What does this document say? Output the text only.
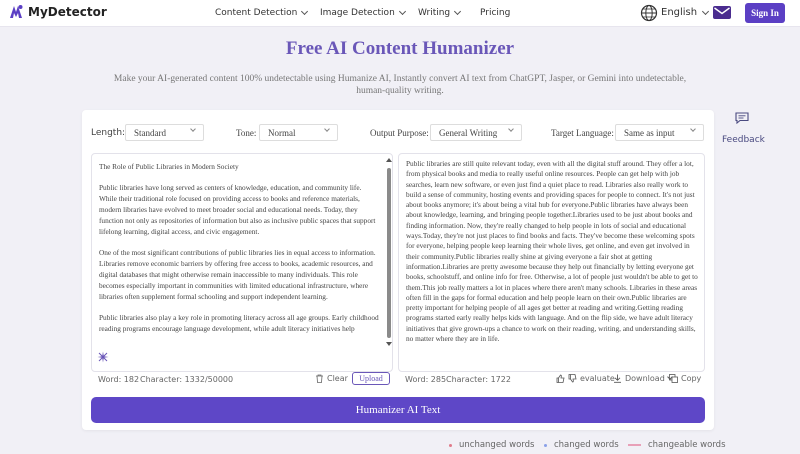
MyDetector	Content Detection	Image Detection	Writing	Pricing	English	Sign In
Free AI Content Humanizer
Make your AI-generated content 100% undetectable using Humanize AI, Instantly convert AI text from ChatGPT, Jasper, or Gemini into undetectable, human-quality writing.
Feedback
Length: Standard	Tone:	Normal	Output Purpose:	General Writing	Target Language:	Same as input

The Role of Public Libraries in Modern Society

Public libraries have long served as centers of knowledge, education, and community life. While their traditional role focused on providing access to books and reference materials, modern libraries have evolved to meet broader social and educational needs. Today, they function not only as repositories of information but also as inclusive public spaces that support lifelong learning, digital access, and civic engagement.

One of the most significant contributions of public libraries lies in equal access to information. Libraries remove economic barriers by offering free access to books, academic resources, and digital databases that might otherwise remain inaccessible to many individuals. This role becomes especially important in communities with limited educational infrastructure, where libraries often supplement formal schooling and support independent learning.

Public libraries also play a key role in promoting literacy across all age groups. Early childhood reading programs encourage language development, while adult literacy initiatives help

Public libraries are still quite relevant today, even with all the digital stuff around. They offer a lot, from physical books and media to really useful online resources. People can get help with job searches, learn new software, or even just find a quiet place to read. Libraries also really work to build a sense of community, hosting events and providing spaces for people to connect. It's not just about books anymore; it's about being a vital hub for everyone.Public libraries have always been about knowledge, learning, and bringing people together.Libraries used to be just about books and finding information. Now, they're really changed to help people in lots of social and educational ways.Today, they're not just places to find books and facts. They've become these welcoming spots for everyone, helping people keep learning their whole lives, get online, and even get involved in their community.Public libraries really shine at giving everyone a fair shot at getting information.Libraries are pretty awesome because they help out financially by letting everyone get books, schoolstuff, and online info for free. Otherwise, a lot of people just wouldn't be able to get to them.This job really matters a lot in places where there aren't many schools. Libraries in these areas often fill in the gaps for formal education and help people learn on their own.Public libraries are pretty important for helping people of all ages get better at reading and writing.Getting reading programs started early really helps kids with language. And on the flip side, we have adult literacy initiatives that give grown-ups a chance to work on their reading, writing, and understanding skills, no matter where they are in life.
Word: 182 Character: 1332/50000	Clear	Upload	Word: 285 Character: 1722	evaluate Download Copy
Humanizer AI Text
unchanged words changed words	changeable words
